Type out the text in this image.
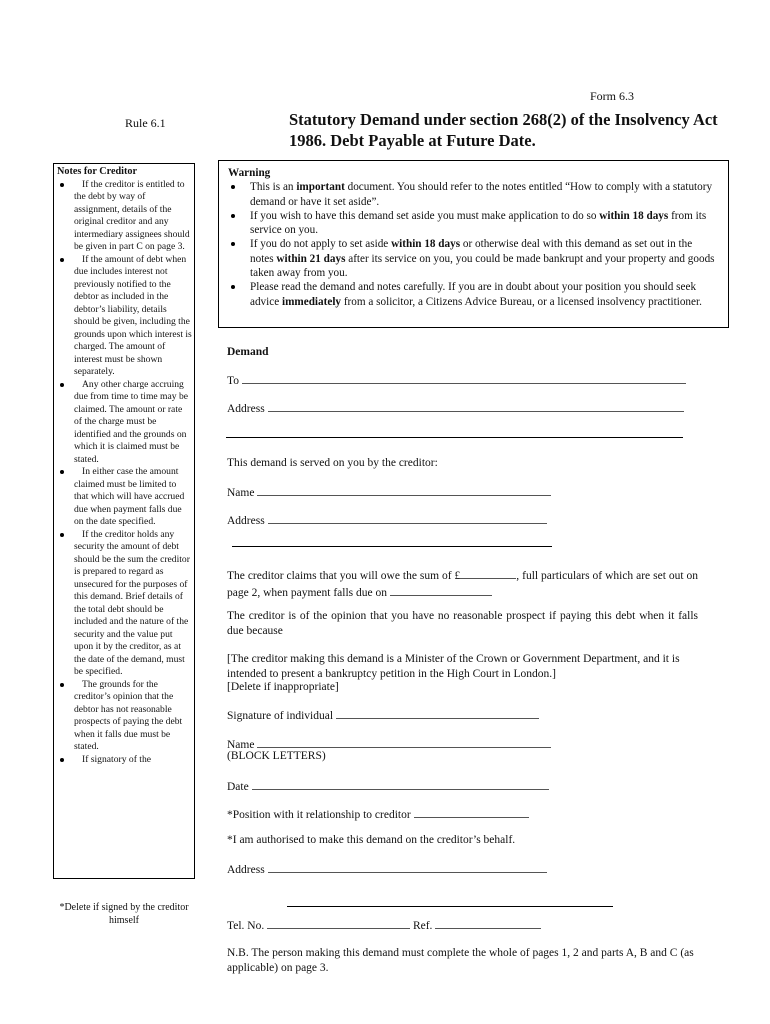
Form 6.3
Rule 6.1	Statutory Demand under section 268(2) of the Insolvency Act 1986. Debt Payable at Future Date.
Notes for Creditor
If the creditor is entitled to the debt by way of assignment, details of the original creditor and any intermediary assignees should be given in part C on page 3.
If the amount of debt when due includes interest not previously notified to the debtor as included in the debtor’s liability, details should be given, including the grounds upon which interest is charged. The amount of interest must be shown separately.
Any other charge accruing due from time to time may be claimed. The amount or rate of the charge must be identified and the grounds on which it is claimed must be stated.
In either case the amount claimed must be limited to that which will have accrued due when payment falls due on the date specified.
If the creditor holds any security the amount of debt should be the sum the creditor is prepared to regard as unsecured for the purposes of this demand. Brief details of the total debt should be included and the nature of the security and the value put upon it by the creditor, as at the date of the demand, must be specified.
The grounds for the creditor’s opinion that the debtor has not reasonable prospects of paying the debt when it falls due must be stated.
If signatory of the
*Delete if signed by the creditor himself
Warning
This is an important document. You should refer to the notes entitled “How to comply with a statutory demand or have it set aside”.
If you wish to have this demand set aside you must make application to do so within 18 days from its service on you.
If you do not apply to set aside within 18 days or otherwise deal with this demand as set out in the notes within 21 days after its service on you, you could be made bankrupt and your property and goods taken away from you.
Please read the demand and notes carefully. If you are in doubt about your position you should seek advice immediately from a solicitor, a Citizens Advice Bureau, or a licensed insolvency practitioner.
Demand
To
Address
This demand is served on you by the creditor:
Name
Address
The creditor claims that you will owe the sum of £	, full particulars of which are set out on page 2, when payment falls due on
The creditor is of the opinion that you have no reasonable prospect if paying this debt when it falls due because
[The creditor making this demand is a Minister of the Crown or Government Department, and it is intended to present a bankruptcy petition in the High Court in London.]
[Delete if inappropriate]
Signature of individual
Name
(BLOCK LETTERS)
Date
*Position with it relationship to creditor
*I am authorised to make this demand on the creditor’s behalf.
Address
Tel. No.	Ref.
N.B. The person making this demand must complete the whole of pages 1, 2 and parts A, B and C (as applicable) on page 3.
